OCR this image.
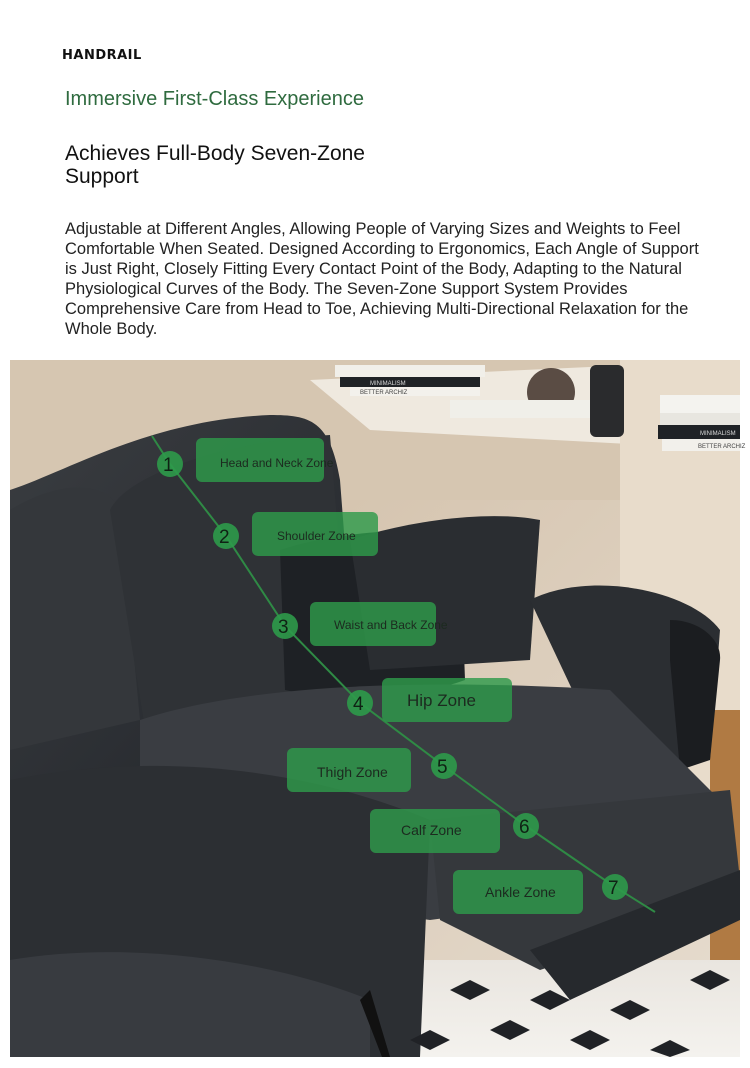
HANDRAIL
Immersive First-Class Experience
Achieves Full-Body Seven-Zone Support
Adjustable at Different Angles, Allowing People of Varying Sizes and Weights to Feel Comfortable When Seated. Designed According to Ergonomics, Each Angle of Support is Just Right, Closely Fitting Every Contact Point of the Body, Adapting to the Natural Physiological Curves of the Body. The Seven-Zone Support System Provides Comprehensive Care from Head to Toe, Achieving Multi-Directional Relaxation for the Whole Body.
MINIMALISM
BETTER ARCHIZ
MINIMALISM
BETTER ARCHIZ
Head and Neck Zone
1
Shoulder Zone
2
Waist and Back Zone
3
Hip Zone
4
Thigh Zone	5
Calf Zone	6
Ankle Zone	7
